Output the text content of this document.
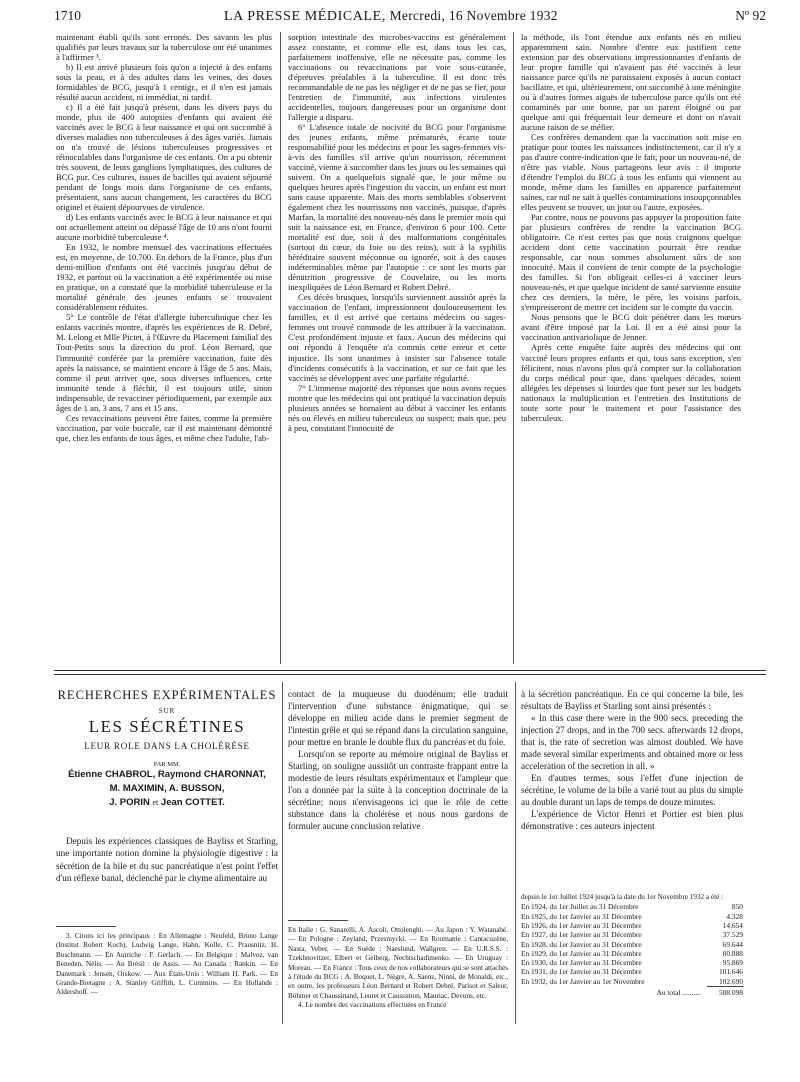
1710	LA PRESSE MÉDICALE, Mercredi, 16 Novembre 1932	Nº 92

maintenant établi qu'ils sont erronés. Des savants les plus qualifiés par leurs travaux sur la tuberculose ont été unanimes à l'affirmer ³.

b) Il est arrivé plusieurs fois qu'on a injecté à des enfants sous la peau, et à des adultes dans les veines, des doses formidables de BCG, jusqu'à 1 centigr., et il n'en est jamais résulté aucun accident, ni immédiat, ni tardif.

c) Il a été fait jusqu'à présent, dans les divers pays du monde, plus de 400 autopsies d'enfants qui avaient été vaccinés avec le BCG à leur naissance et qui ont succombé à diverses maladies non tuberculeuses à des âges variés. Jamais on n'a trouvé de lésions tuberculeuses progressives et réinoculables dans l'organisme de ces enfants. On a pu obtenir très souvent, de leurs ganglions lymphatiques, des cultures de BCG pur. Ces cultures, issues de bacilles qui avaient séjourné pendant de longs mois dans l'organisme de ces enfants, présentaient, sans aucun changement, les caractères du BCG originel et étaient dépourvues de virulence.

d) Les enfants vaccinés avec le BCG à leur naissance et qui ont actuellement atteint ou dépassé l'âge de 10 ans n'ont fourni aucune morbidité tuberculeuse ⁴.

En 1932, le nombre mensuel des vaccinations effectuées est, en moyenne, de 10.700. En dehors de la France, plus d'un demi-million d'enfants ont été vaccinés jusqu'au début de 1932, et partout où la vaccination a été expérimentée ou mise en pratique, on a constaté que la morbidité tuberculeuse et la mortalité générale des jeunes enfants se trouvaient considérablement réduites.

5° Le contrôle de l'état d'allergie tuberculinique chez les enfants vaccinés montre, d'après les expériences de R. Debré, M. Lelong et Mlle Pictet, à l'Œuvre du Placement familial des Tout-Petits sous la direction du prof. Léon Bernard, que l'immunité conférée par la première vaccination, faite dès après la naissance, se maintient encore à l'âge de 5 ans. Mais, comme il peut arriver que, sous diverses influences, cette immunité tende à fléchir, il est toujours utile, sinon indispensable, de revacciner périodiquement, par exemple aux âges de 1 an, 3 ans, 7 ans et 15 ans.

Ces revaccinations peuvent être faites, comme la première vaccination, par voie buccale, car il est maintenant démontré que, chez les enfants de tous âges, et même chez l'adulte, l'ab-

sorption intestinale des microbes-vaccins est généralement assez constante, et comme elle est, dans tous les cas, parfaitement inoffensive, elle ne nécessite pas, comme les vaccinations ou revaccinations par voie sous-cutanée, d'épreuves préalables à la tuberculine. Il est donc très recommandable de ne pas les négliger et de ne pas se fier, pour l'entretien de l'immunité, aux infections virulentes accidentelles, toujours dangereuses pour un organisme dont l'allergie a disparu.

6° L'absence totale de nocivité du BCG pour l'organisme des jeunes enfants, même prématurés, écarte toute responsabilité pour les médecins et pour les sages-femmes vis-à-vis des familles s'il arrive qu'un nourrisson, récemment vacciné, vienne à succomber dans les jours ou les semaines qui suivent. On a quelquefois signalé que, le jour même ou quelques heures après l'ingestion du vaccin, un enfant est mort sans cause apparente. Mais des morts semblables s'observent également chez les nourrissons non vaccinés, puisque, d'après Marfan, la mortalité des nouveau-nés dans le premier mois qui suit la naissance est, en France, d'environ 6 pour 100. Cette mortalité est due, soit à des malformations congénitales (surtout du cœur, du foie ou des reins), soit à la syphilis héréditaire souvent méconnue ou ignorée, soit à des causes indéterminables même par l'autopsie : ce sont les morts par dénutrition progressive de Couvelaire, ou les morts inexpliquées de Léon Bernard et Robert Debré.

Ces décès brusques, lorsqu'ils surviennent aussitôt après la vaccination de l'enfant, impressionnent douloureusement les familles, et il est arrivé que certains médecins ou sages-femmes ont trouvé commode de les attribuer à la vaccination. C'est profondément injuste et faux. Aucun des médecins qui ont répondu à l'enquête n'a commis cette erreur et cette injustice. Ils sont unanimes à insister sur l'absence totale d'incidents consécutifs à la vaccination, et sur ce fait que les vaccinés se développent avec une parfaite régularité.

7° L'immense majorité des réponses que nous avons reçues montre que les médecins qui ont pratiqué la vaccination depuis plusieurs années se bornaient au début à vacciner les enfants nés ou élevés en milieu tuberculeux ou suspect; mais que, peu à peu, constatant l'innocuité de

la méthode, ils l'ont étendue aux enfants nés en milieu apparemment sain. Nombre d'entre eux justifient cette extension par des observations impressionnantes d'enfants de leur propre famille qui n'avaient pas été vaccinés à leur naissance parce qu'ils ne paraissaient exposés à aucun contact bacillaire, et qui, ultérieurement, ont succombé à une méningite ou à d'autres formes aiguës de tuberculose parce qu'ils ont été contaminés par une bonne, par un parent éloigné ou par quelque ami qui fréquentait leur demeure et dont on n'avait aucune raison de se méfier.

Ces confrères demandent que la vaccination soit mise en pratique pour toutes les naissances indistinctement, car il n'y a pas d'autre contre-indication que le fait, pour un nouveau-né, de n'être pas viable. Nous partageons leur avis : il importe d'étendre l'emploi du BCG à tous les enfants qui viennent au monde, même dans les familles en apparence parfaitement saines, car nul ne sait à quelles contaminations insoupçonnables elles peuvent se trouver, un jour ou l'autre, exposées.

Par contre, nous ne pouvons pas appuyer la proposition faite par plusieurs confrères de rendre la vaccination BCG obligatoire. Ce n'est certes pas que nous craignons quelque accident dont cette vaccination pourrait être rendue responsable, car nous sommes absolument sûrs de son innocuité. Mais il convient de tenir compte de la psychologie des familles. Si l'on obligeait celles-ci à vacciner leurs nouveau-nés, et que quelque incident de santé survienne ensuite chez ces derniers, la mère, le père, les voisins parfois, s'empresseront de mettre cet incident sur le compte du vaccin.

Nous pensons que le BCG doit pénétrer dans les mœurs avant d'être imposé par la Loi. Il en a été ainsi pour la vaccination antivariolique de Jenner.

Après cette enquête faite auprès des médecins qui ont vacciné leurs propres enfants et qui, tous sans exception, s'en félicitent, nous n'avons plus qu'à compter sur la collaboration du corps médical pour que, dans quelques décades, soient allégées les dépenses si lourdes que font peser sur les budgets nationaux la multiplication et l'entretien des Institutions de toute sorte pour le traitement et pour l'assistance des tuberculeux.

RECHERCHES EXPÉRIMENTALES
SUR
LES SÉCRÉTINES
LEUR ROLE DANS LA CHOLÉRÈSE
PAR MM.
Étienne CHABROL, Raymond CHARONNAT,
M. MAXIMIN, A. BUSSON,
J. PORIN et Jean COTTET.

Depuis les expériences classiques de Bayliss et Starling, une importante notion domine la physiologie digestive : la sécrétion de la bile et du suc pancréatique n'est point l'effet d'un réflexe banal, déclenché par le chyme alimentaire au

contact de la muqueuse du duodénum; elle traduit l'intervention d'une substance énigmatique, qui se développe en milieu acide dans le premier segment de l'intestin grêle et qui se répand dans la circulation sanguine, pour mettre en branle le double flux du pancréas et du foie.

Lorsqu'on se reporte au mémoire original de Bayliss et Starling, on souligne aussitôt un contraste frappant entre la modestie de leurs résultats expérimentaux et l'ampleur que l'on a donnée par la suite à la conception doctrinale de la sécrétine; nous n'envisageons ici que le rôle de cette substance dans la cholérèse et nous nous gardons de formuler aucune conclusion relative

à la sécrétion pancréatique. En ce qui concerne la bile, les résultats de Bayliss et Starling sont ainsi présentés :

« In this case there were in the 900 secs. preceding the injection 27 drops, and in the 700 secs. afterwards 12 drops, that is, the rate of secretion was almost doubled. We have made several similar experiments and obtained more or less acceleration of the secretion in all. »

En d'autres termes, sous l'effet d'une injection de sécrétine, le volume de la bile a varié tout au plus du simple au double durant un laps de temps de douze minutes.

L'expérience de Victor Henri et Portier est bien plus démonstrative : ces auteurs injectent

3. Citons ici les principaux : En Allemagne : Neufeld, Bruno Lange (Institut Robert Koch), Ludwig Lange, Hahn, Kolle, C. Prausnitz, H. Buschmann. — En Autriche : F. Gerlach. — En Belgique : Malvoz, van Beneden, Nélis. — Au Brésil : de Assis. — Au Canada : Rankin. — En Danemark : Jensen, Orskow. — Aux États-Unis : William H. Park. — En Grande-Bretagne : A. Stanley Griffith, L. Cummins. — En Hollande : Aldershoff. —

En Italie : G. Sanarelli, A. Ascoli, Ottolenghi. — Au Japon : Y. Watanabé. — En Pologne : Zeyland, Przesmycki. — En Roumanie : Cantacuzène, Nasta, Veber. — En Suède : Naeslund, Wallgren. — En U.R.S.S. : Tzekhnovitzer, Elbert et Gelberg, Nechtschadimenko. — En Uruguay : Moreau. — En France : Tous ceux de nos collaborateurs qui se sont attachés à l'étude du BCG : A. Boquet, L. Nègre, A. Saenz, Ninni, de Monaldi, etc., en outre, les professeurs Léon Bernard et Robert Debré, Parisot et Saleur, Böhmer et Chaussinand, Leuret et Caussimon, Mauriac, Devuns, etc.

4. Le nombre des vaccinations effectuées en France

depuis le 1er Juillet 1924 jusqu'à la date du 1er Novembre 1932 a été :

En 1924, du 1er Juillet au 31 Décembre	850
En 1925, du 1er Janvier au 31 Décembre	4.328
En 1926, du 1er Janvier au 31 Décembre	14.654
En 1927, du 1er Janvier au 31 Décembre	37.529
En 1928, du 1er Janvier au 31 Décembre	69.644
En 1929, du 1er Janvier au 31 Décembre	80.888
En 1930, du 1er Janvier au 31 Décembre	95.869
En 1931, du 1er Janvier au 31 Décembre	101.646
En 1932, du 1er Janvier au 1er Novembre	102.690
Au total ..........	508.098
